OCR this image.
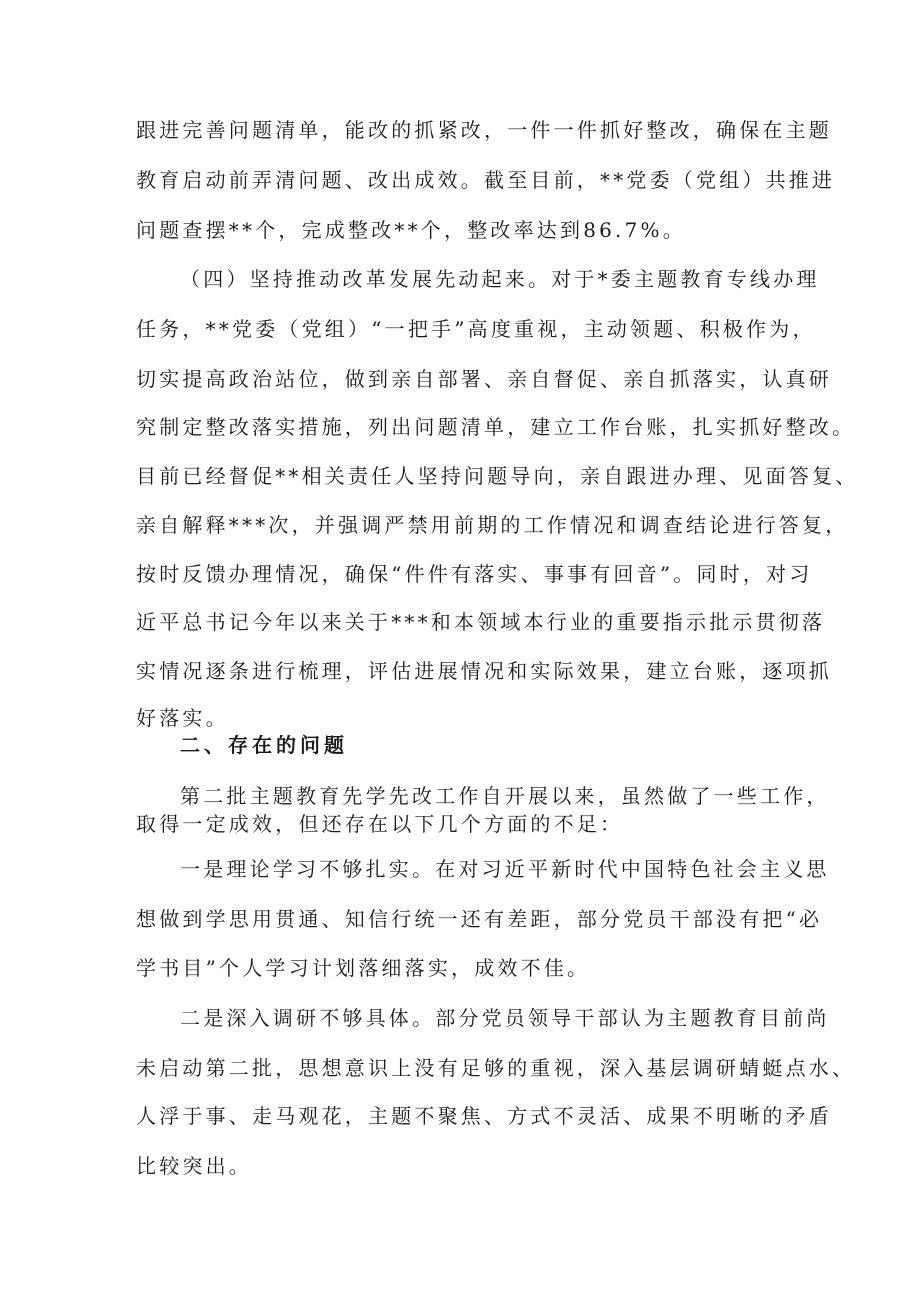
跟进完善问题清单，能改的抓紧改，一件一件抓好整改，确保在主题
教育启动前弄清问题、改出成效。截至目前，**党委（党组）共推进
问题查摆**个，完成整改**个，整改率达到86.7%。
（四）坚持推动改革发展先动起来。对于*委主题教育专线办理
任务，**党委（党组）“一把手”高度重视，主动领题、积极作为，
切实提高政治站位，做到亲自部署、亲自督促、亲自抓落实，认真研
究制定整改落实措施，列出问题清单，建立工作台账，扎实抓好整改。
目前已经督促**相关责任人坚持问题导向，亲自跟进办理、见面答复、
亲自解释***次，并强调严禁用前期的工作情况和调查结论进行答复，
按时反馈办理情况，确保“件件有落实、事事有回音”。同时，对习
近平总书记今年以来关于***和本领域本行业的重要指示批示贯彻落
实情况逐条进行梳理，评估进展情况和实际效果，建立台账，逐项抓
好落实。
二、存在的问题
第二批主题教育先学先改工作自开展以来，虽然做了一些工作，
取得一定成效，但还存在以下几个方面的不足：
一是理论学习不够扎实。在对习近平新时代中国特色社会主义思
想做到学思用贯通、知信行统一还有差距，部分党员干部没有把“必
学书目”个人学习计划落细落实，成效不佳。
二是深入调研不够具体。部分党员领导干部认为主题教育目前尚
未启动第二批，思想意识上没有足够的重视，深入基层调研蜻蜓点水、
人浮于事、走马观花，主题不聚焦、方式不灵活、成果不明晰的矛盾
比较突出。
